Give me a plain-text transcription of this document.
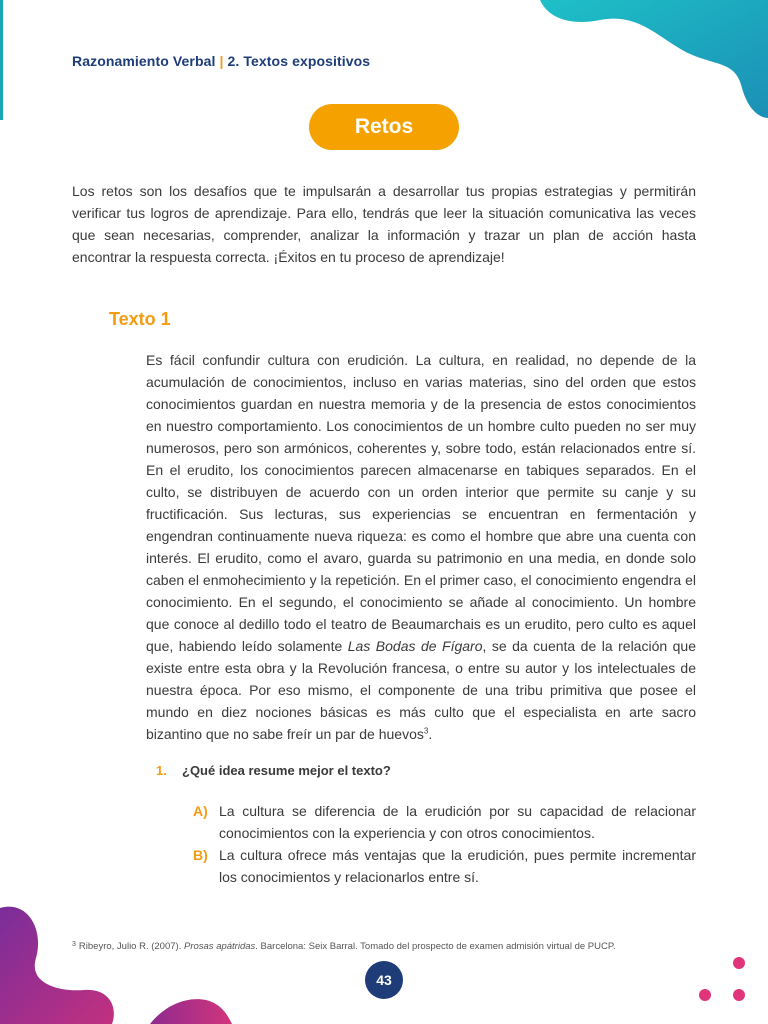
Razonamiento Verbal | 2. Textos expositivos
Retos
Los retos son los desafíos que te impulsarán a desarrollar tus propias estrategias y permitirán verificar tus logros de aprendizaje. Para ello, tendrás que leer la situación comunicativa las veces que sean necesarias, comprender, analizar la información y trazar un plan de acción hasta encontrar la respuesta correcta. ¡Éxitos en tu proceso de aprendizaje!
Texto 1
Es fácil confundir cultura con erudición. La cultura, en realidad, no depende de la acumulación de conocimientos, incluso en varias materias, sino del orden que estos conocimientos guardan en nuestra memoria y de la presencia de estos conocimientos en nuestro comportamiento. Los conocimientos de un hombre culto pueden no ser muy numerosos, pero son armónicos, coherentes y, sobre todo, están relacionados entre sí. En el erudito, los conocimientos parecen almacenarse en tabiques separados. En el culto, se distribuyen de acuerdo con un orden interior que permite su canje y su fructificación. Sus lecturas, sus experiencias se encuentran en fermentación y engendran continuamente nueva riqueza: es como el hombre que abre una cuenta con interés. El erudito, como el avaro, guarda su patrimonio en una media, en donde solo caben el enmohecimiento y la repetición. En el primer caso, el conocimiento engendra el conocimiento. En el segundo, el conocimiento se añade al conocimiento. Un hombre que conoce al dedillo todo el teatro de Beaumarchais es un erudito, pero culto es aquel que, habiendo leído solamente Las Bodas de Fígaro, se da cuenta de la relación que existe entre esta obra y la Revolución francesa, o entre su autor y los intelectuales de nuestra época. Por eso mismo, el componente de una tribu primitiva que posee el mundo en diez nociones básicas es más culto que el especialista en arte sacro bizantino que no sabe freír un par de huevos$^3$.
1. ¿Qué idea resume mejor el texto?
A) La cultura se diferencia de la erudición por su capacidad de relacionar conocimientos con la experiencia y con otros conocimientos.
B) La cultura ofrece más ventajas que la erudición, pues permite incrementar los conocimientos y relacionarlos entre sí.
$^3$ Ribeyro, Julio R. (2007). Prosas apátridas. Barcelona: Seix Barral. Tomado del prospecto de examen admisión virtual de PUCP.
43
